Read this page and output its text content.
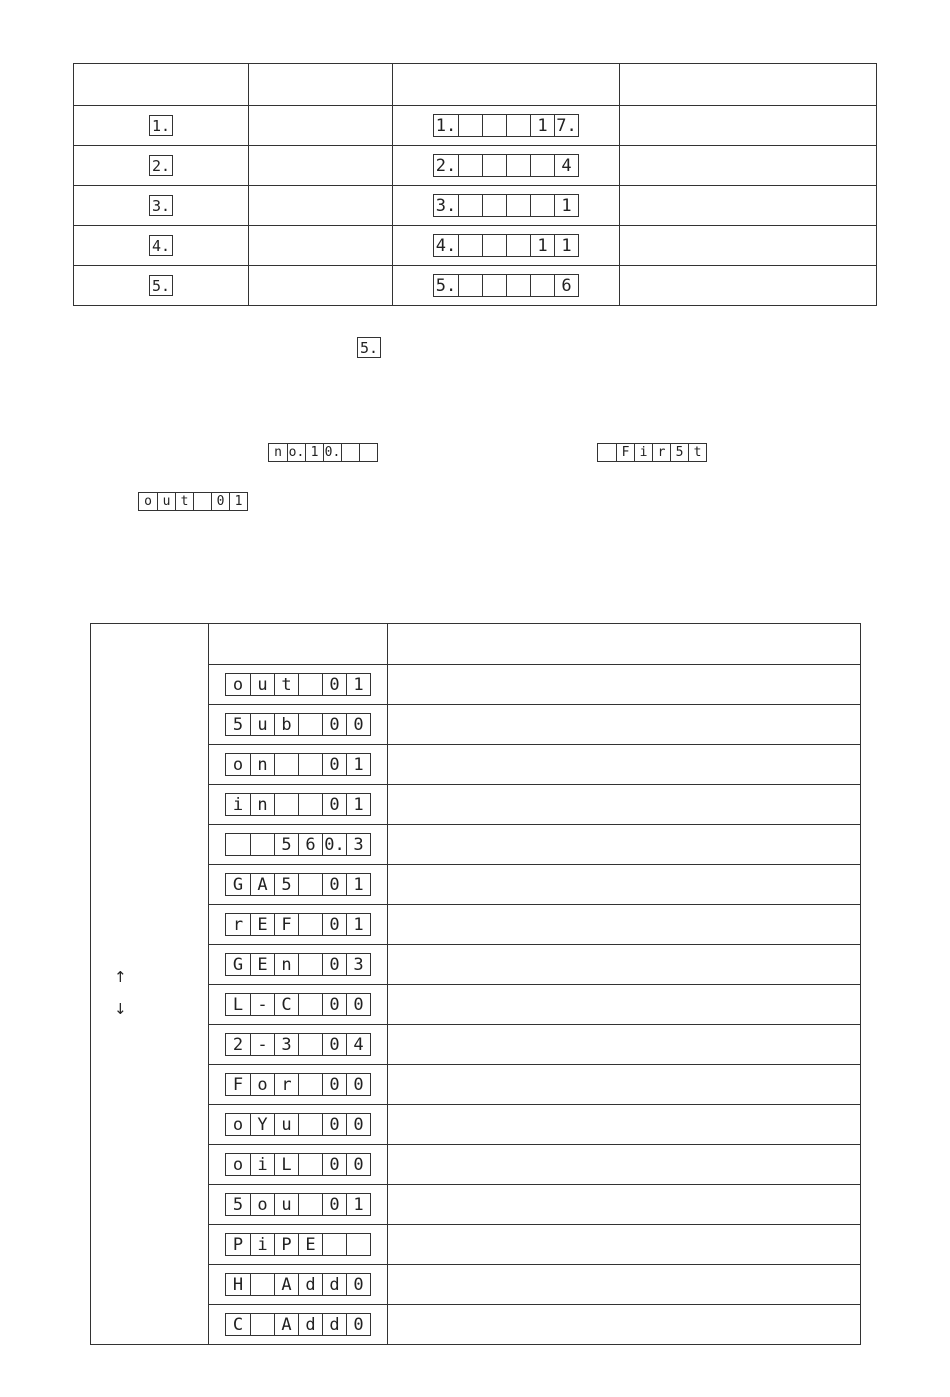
1.		1. 1 7.	

2.		2. 4	

3.		3. 1	

4.		4. 1 1	

5.		5. 6	

5.
n o. 1 0.	F i r 5 t
o u t	0 1

o u t 0 1	

5 u b 0 0	

o n 0 1	

i n 0 1	

5 6 0. 3	

G A 5 0 1	

r E F 0 1	

G E n 0 3	

L - C 0 0	

2 - 3 0 4	

F o r 0 0	

o Y u 0 0	

o i L 0 0	

5 o u 0 1	

P i P E	

H A d d 0	

C A d d 0	

↑
↓
